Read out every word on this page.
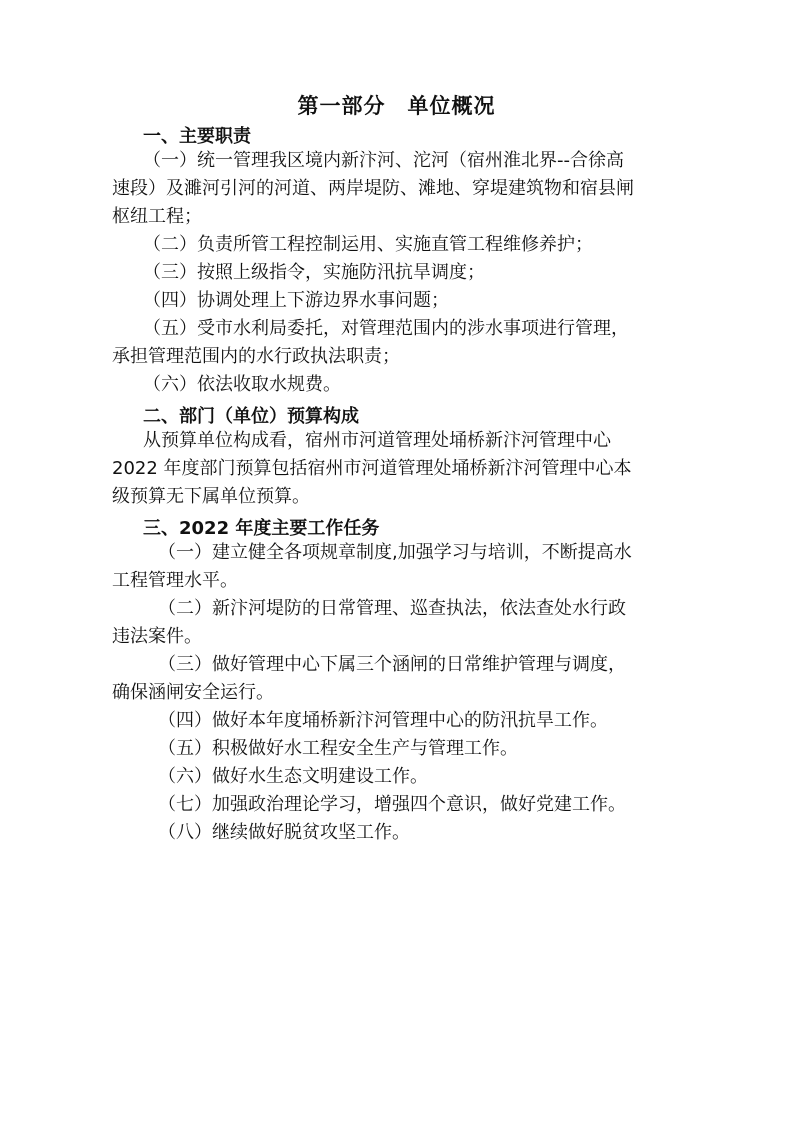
第一部分　单位概况
一、主要职责
（一）统一管理我区境内新汴河、沱河（宿州淮北界--合徐高
速段）及濉河引河的河道、两岸堤防、滩地、穿堤建筑物和宿县闸
枢纽工程；
（二）负责所管工程控制运用、实施直管工程维修养护；
（三）按照上级指令，实施防汛抗旱调度；
（四）协调处理上下游边界水事问题；
（五）受市水利局委托，对管理范围内的涉水事项进行管理，
承担管理范围内的水行政执法职责；
（六）依法收取水规费。
二、部门（单位）预算构成
从预算单位构成看，宿州市河道管理处埇桥新汴河管理中心
2022 年度部门预算包括宿州市河道管理处埇桥新汴河管理中心本
级预算无下属单位预算。
三、2022 年度主要工作任务
（一）建立健全各项规章制度,加强学习与培训，不断提高水
工程管理水平。
（二）新汴河堤防的日常管理、巡查执法，依法查处水行政
违法案件。
（三）做好管理中心下属三个涵闸的日常维护管理与调度，
确保涵闸安全运行。
（四）做好本年度埇桥新汴河管理中心的防汛抗旱工作。
（五）积极做好水工程安全生产与管理工作。
（六）做好水生态文明建设工作。
（七）加强政治理论学习，增强四个意识，做好党建工作。
（八）继续做好脱贫攻坚工作。
